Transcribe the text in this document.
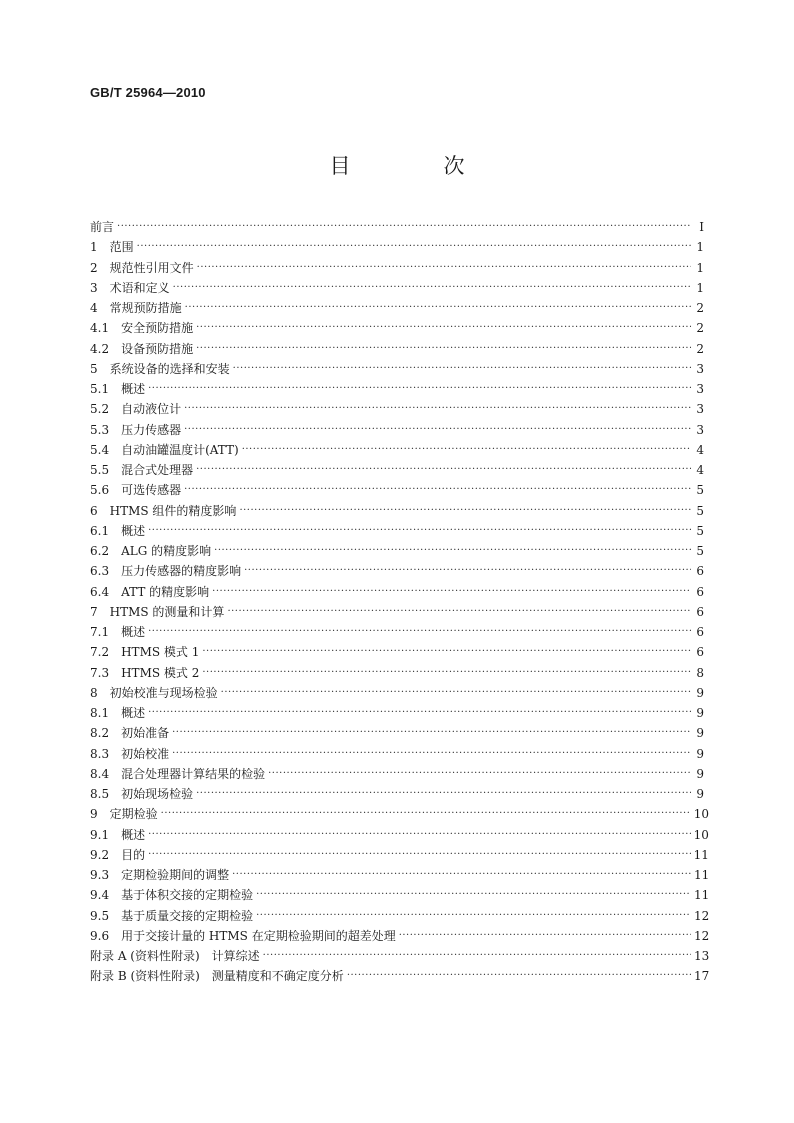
GB/T 25964—2010
目　次
前言 ·····	Ⅰ
1　 范围 ·····	1
2　 规范性引用文件 ·····	1
3　 术语和定义 ·····	1
4　 常规预防措施 ·····	2
4.1　 安全预防措施 ·····	2
4.2　 设备预防措施 ·····	2
5　 系统设备的选择和安装 ·····	3
5.1　 概述 ·····	3
5.2　 自动液位计 ·····	3
5.3　 压力传感器 ·····	3
5.4　 自动油罐温度计(ATT) ·····	4
5.5　 混合式处理器 ·····	4
5.6　 可选传感器 ·····	5
6　 HTMS 组件的精度影响 ·····	5
6.1　 概述 ·····	5
6.2　 ALG 的精度影响 ·····	5
6.3　 压力传感器的精度影响 ·····	6
6.4　 ATT 的精度影响 ·····	6
7　 HTMS 的测量和计算 ·····	6
7.1　 概述 ·····	6
7.2　 HTMS 模式 1 ·····	6
7.3　 HTMS 模式 2 ·····	8
8　 初始校准与现场检验 ·····	9
8.1　 概述 ·····	9
8.2　 初始准备 ·····	9
8.3　 初始校准 ·····	9
8.4　 混合处理器计算结果的检验 ·····	9
8.5　 初始现场检验 ·····	9
9　 定期检验 ·····	10
9.1　 概述 ·····	10
9.2　 目的 ·····	11
9.3　 定期检验期间的调整 ·····	11
9.4　 基于体积交接的定期检验 ·····	11
9.5　 基于质量交接的定期检验 ·····	12
9.6　 用于交接计量的 HTMS 在定期检验期间的超差处理 ·····	12
附录 A (资料性附录)　计算综述 ·····	13
附录 B (资料性附录)　测量精度和不确定度分析 ·····	17
